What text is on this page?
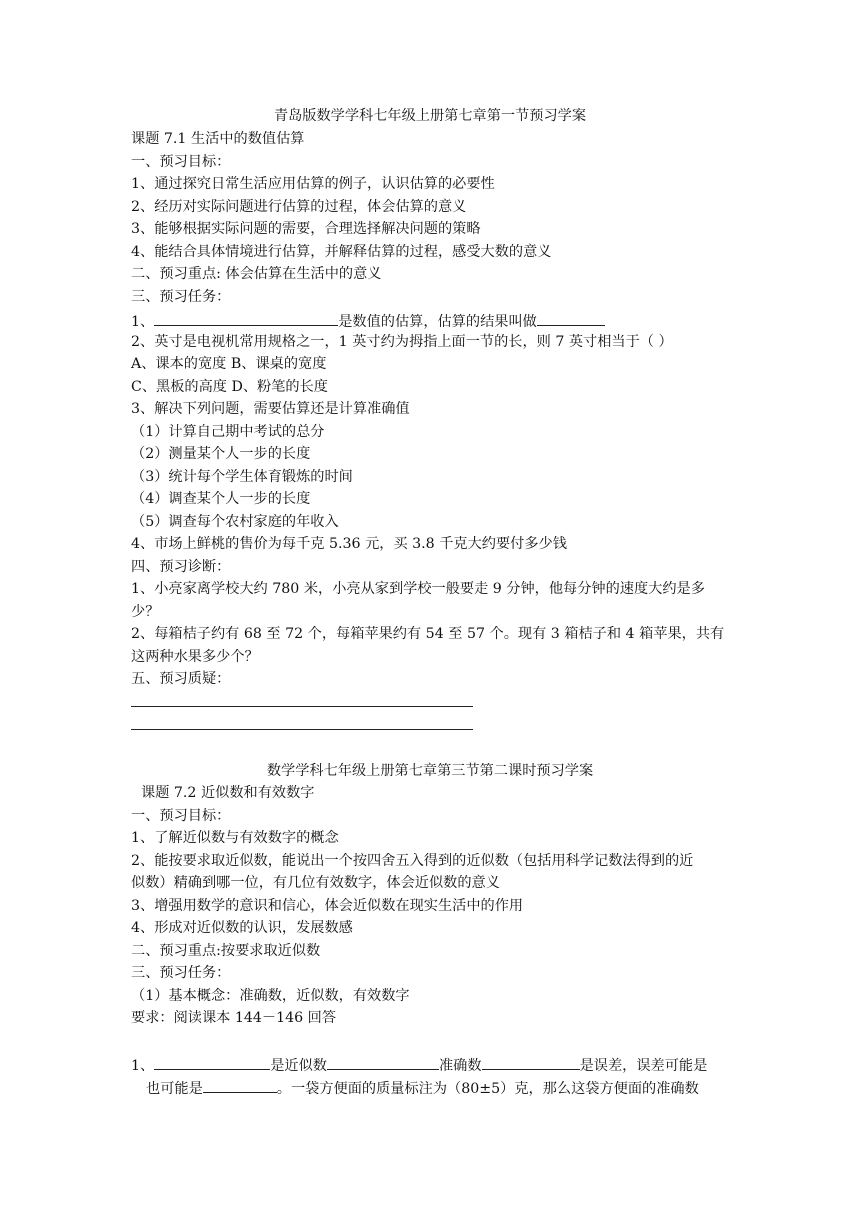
青岛版数学学科七年级上册第七章第一节预习学案
课题 7.1 生活中的数值估算
一、预习目标：
1、通过探究日常生活应用估算的例子，认识估算的必要性
2、经历对实际问题进行估算的过程，体会估算的意义
3、能够根据实际问题的需要，合理选择解决问题的策略
4、能结合具体情境进行估算，并解释估算的过程，感受大数的意义
二、预习重点: 体会估算在生活中的意义
三、预习任务：
1、	是数值的估算，估算的结果叫做
2、英寸是电视机常用规格之一，1 英寸约为拇指上面一节的长，则 7 英寸相当于（ ）
A、课本的宽度 B、课桌的宽度
C、黑板的高度 D、粉笔的长度
3、解决下列问题，需要估算还是计算准确值
（1）计算自己期中考试的总分
（2）测量某个人一步的长度
（3）统计每个学生体育锻炼的时间
（4）调查某个人一步的长度
（5）调查每个农村家庭的年收入
4、市场上鲜桃的售价为每千克 5.36 元，买 3.8 千克大约要付多少钱
四、预习诊断：
1、小亮家离学校大约 780 米，小亮从家到学校一般要走 9 分钟，他每分钟的速度大约是多
少？
2、每箱桔子约有 68 至 72 个，每箱苹果约有 54 至 57 个。现有 3 箱桔子和 4 箱苹果，共有
这两种水果多少个？
五、预习质疑：
数学学科七年级上册第七章第三节第二课时预习学案
课题 7.2 近似数和有效数字
一、预习目标：
1、了解近似数与有效数字的概念
2、能按要求取近似数，能说出一个按四舍五入得到的近似数（包括用科学记数法得到的近
似数）精确到哪一位，有几位有效数字，体会近似数的意义
3、增强用数学的意识和信心，体会近似数在现实生活中的作用
4、形成对近似数的认识，发展数感
二、预习重点:按要求取近似数
三、预习任务：
（1）基本概念：准确数，近似数，有效数字
要求：阅读课本 144－146 回答
1、	是近似数	准确数	是误差，误差可能是
也可能是	。一袋方便面的质量标注为（80±5）克，那么这袋方便面的准确数
